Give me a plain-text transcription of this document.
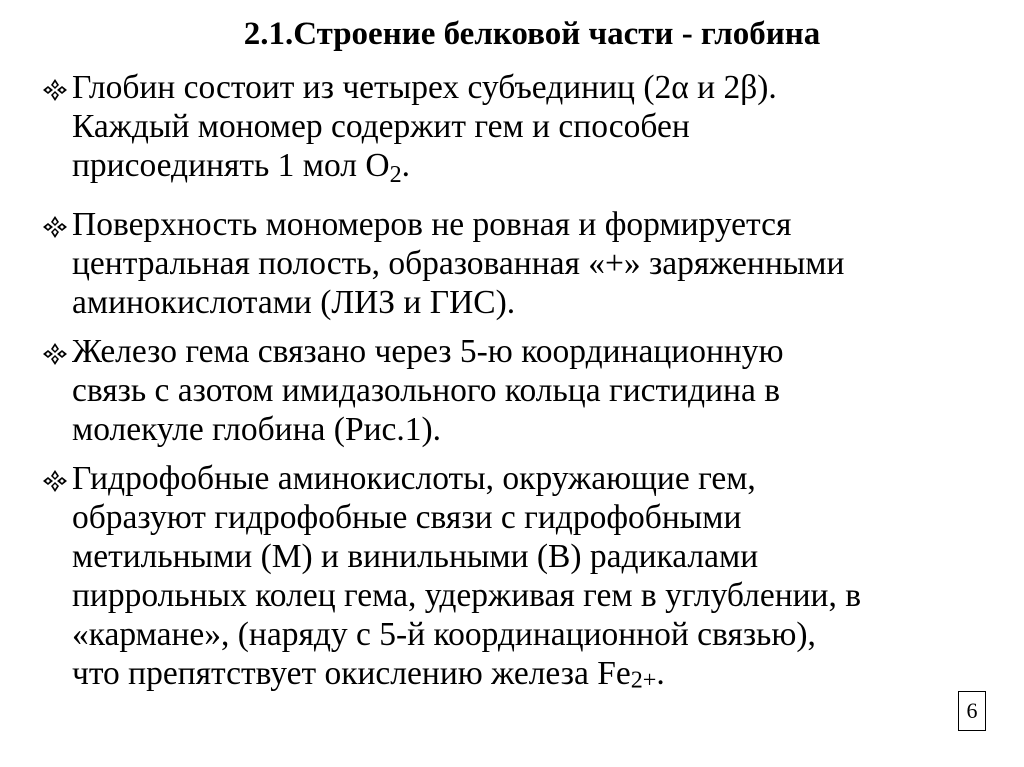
2.1.Строение белковой части - глобина
Глобин состоит из четырех субъединиц (2α и 2β).
Каждый мономер содержит гем и способен
присоединять 1 мол $О_2$.
Поверхность мономеров не ровная и формируется
центральная полость, образованная «+» заряженными
аминокислотами (ЛИЗ и ГИС).
Железо гема связано через 5-ю координационную
связь с азотом имидазольного кольца гистидина в
молекуле глобина (Рис.1).
Гидрофобные аминокислоты, окружающие гем,
образуют гидрофобные связи с гидрофобными
метильными (М) и винильными (В) радикалами
пиррольных колец гема, удерживая гем в углублении, в
«кармане», (наряду с 5-й координационной связью),
что препятствует окислению железа Fe2+.
6
